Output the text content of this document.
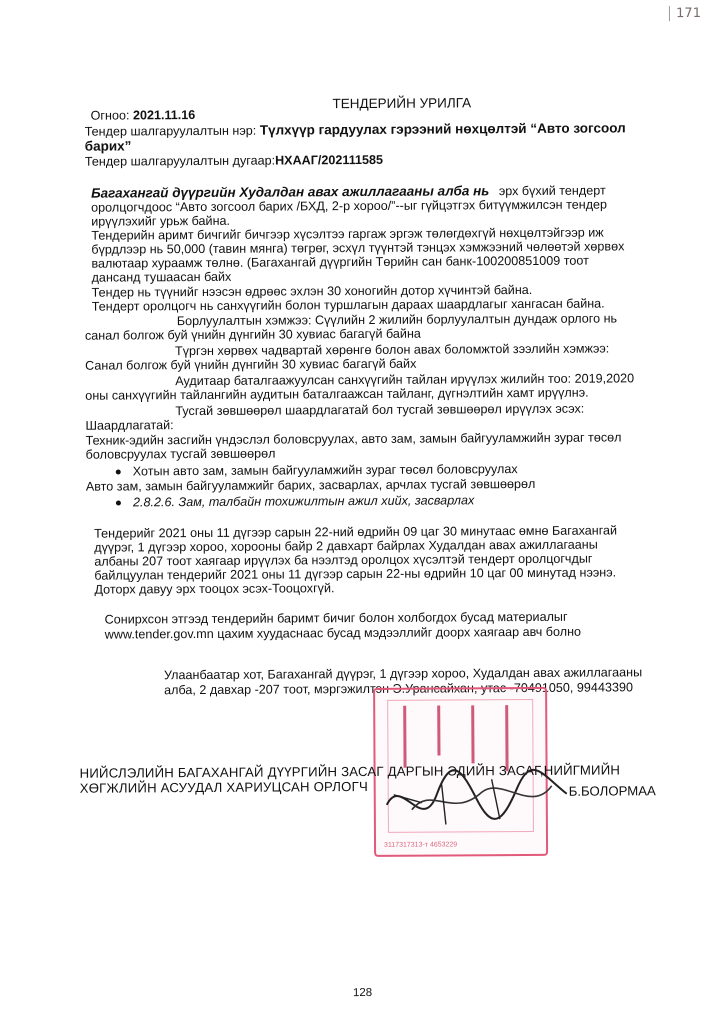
171
ТЕНДЕРИЙН УРИЛГА
Огноо: 2021.11.16
Тендер шалгаруулалтын нэр: Түлхүүр гардуулах гэрээний нөхцөлтэй “Авто зогсоол
барих”
Тендер шалгаруулалтын дугаар:НХААГ/202111585
Багахангай дүүргийн Худалдан авах ажиллагааны алба нь эрх бүхий тендерт
оролцогчдоос “Авто зогсоол барих /БХД, 2-р хороо/”--ыг гүйцэтгэх битүүмжилсэн тендер
ирүүлэхийг урьж байна.
Тендерийн аримт бичгийг бичгээр хүсэлтээ гаргаж эргэж төлөгдөхгүй нөхцөлтэйгээр иж
бүрдлээр нь 50,000 (тавин мянга) төгрөг, эсхүл түүнтэй тэнцэх хэмжээний чөлөөтэй хөрвөх
валютаар хураамж төлнө. (Багахангай дүүргийн Төрийн сан банк-100200851009 тоот
дансанд тушаасан байх
Тендер нь түүнийг нээсэн өдрөөс эхлэн 30 хоногийн дотор хүчинтэй байна.
Тендерт оролцогч нь санхүүгийн болон туршлагын дараах шаардлагыг хангасан байна.
Борлуулалтын хэмжээ: Сүүлийн 2 жилийн борлуулалтын дундаж орлого нь
санал болгож буй үнийн дүнгийн 30 хувиас багагүй байна
Түргэн хөрвөх чадвартай хөрөнгө болон авах боломжтой зээлийн хэмжээ:
Санал болгож буй үнийн дүнгийн 30 хувиас багагүй байх
Аудитаар баталгаажуулсан санхүүгийн тайлан ирүүлэх жилийн тоо: 2019,2020
оны санхүүгийн тайлангийн аудитын баталгаажсан тайланг, дүгнэлтийн хамт ирүүлнэ.
Тусгай зөвшөөрөл шаардлагатай бол тусгай зөвшөөрөл ирүүлэх эсэх:
Шаардлагатай:
Техник-эдийн засгийн үндэслэл боловсруулах, авто зам, замын байгууламжийн зураг төсөл
боловсруулах тусгай зөвшөөрөл
Хотын авто зам, замын байгууламжийн зураг төсөл боловсруулах
Авто зам, замын байгууламжийг барих, засварлах, арчлах тусгай зөвшөөрөл
2.8.2.6. Зам, талбайн тохижилтын ажил хийх, засварлах
Тендерийг 2021 оны 11 дүгээр сарын 22-ний өдрийн 09 цаг 30 минутаас өмнө Багахангай
дүүрэг, 1 дүгээр хороо, хорооны байр 2 давхарт байрлах Худалдан авах ажиллагааны
албаны 207 тоот хаягаар ирүүлэх ба нээлтэд оролцох хүсэлтэй тендерт оролцогчдыг
байлцуулан тендерийг 2021 оны 11 дүгээр сарын 22-ны өдрийн 10 цаг 00 минутад нээнэ.
Доторх давуу эрх тооцох эсэх-Тооцохгүй.
Сонирхсон этгээд тендерийн баримт бичиг болон холбогдох бусад материалыг
www.tender.gov.mn цахим хуудаснаас бусад мэдээллийг доорх хаягаар авч болно
Улаанбаатар хот, Багахангай дүүрэг, 1 дүгээр хороо, Худалдан авах ажиллагааны
алба, 2 давхар -207 тоот, мэргэжилтэн Э.Урансайхан, утас -70491050, 99443390
3117317313-т 4653229
НИЙСЛЭЛИЙН БАГАХАНГАЙ ДҮҮРГИЙН ЗАСАГ ДАРГЫН ЭДИЙН ЗАСАГ,НИЙГМИЙН
ХӨГЖЛИЙН АСУУДАЛ ХАРИУЦСАН ОРЛОГЧ	Б.БОЛОРМАА
128
